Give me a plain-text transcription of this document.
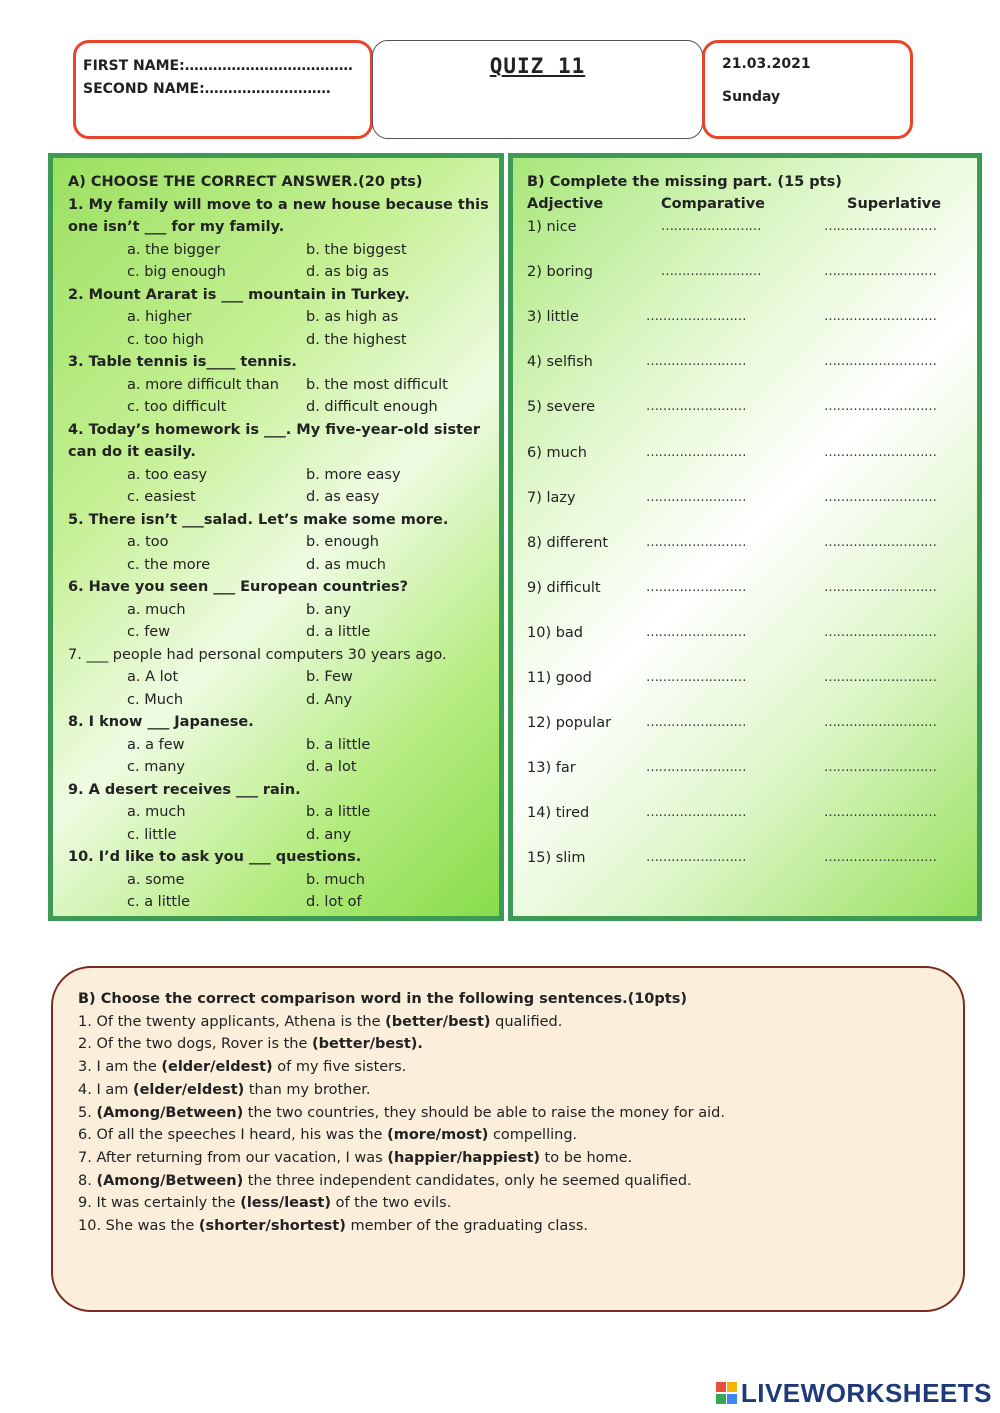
FIRST NAME:………………………………
SECOND NAME:………………………
QUIZ 11	21.03.2021
Sunday
A) CHOOSE THE CORRECT ANSWER.(20 pts)
1. My family will move to a new house because this
one isn’t ___ for my family.
a. the bigger	b. the biggest
c. big enough	d. as big as
2. Mount Ararat is ___ mountain in Turkey.
a. higher	b. as high as
c. too high	d. the highest
3. Table tennis is____ tennis.
a. more difficult than b. the most difficult
c. too difficult	d. difficult enough
4. Today’s homework is ___. My five-year-old sister
can do it easily.
a. too easy	b. more easy
c. easiest	d. as easy
5. There isn’t ___salad. Let’s make some more.
a. too	b. enough
c. the more	d. as much
6. Have you seen ___ European countries?
a. much	b. any
c. few	d. a little
7. ___ people had personal computers 30 years ago.
a. A lot	b. Few
c. Much	d. Any
8. I know ___ Japanese.
a. a few	b. a little
c. many	d. a lot
9. A desert receives ___ rain.
a. much	b. a little
c. little	d. any
10. I’d like to ask you ___ questions.
a. some	b. much
c. a little	d. lot of
B) Complete the missing part. (15 pts)
Adjective	Comparative	Superlative
1) nice	……………………	………………………
2) boring	……………………	………………………
3) little	……………………	………………………
4) selfish	……………………	………………………
5) severe	……………………	………………………
6) much	……………………	………………………
7) lazy	……………………	………………………
8) different	……………………	………………………
9) difficult	……………………	………………………
10) bad	……………………	………………………
11) good	……………………	………………………
12) popular	……………………	………………………
13) far	……………………	………………………
14) tired	……………………	………………………
15) slim	……………………	………………………
B) Choose the correct comparison word in the following sentences.(10pts)
1. Of the twenty applicants, Athena is the (better/best) qualified.
2. Of the two dogs, Rover is the (better/best).
3. I am the (elder/eldest) of my five sisters.
4. I am (elder/eldest) than my brother.
5. (Among/Between) the two countries, they should be able to raise the money for aid.
6. Of all the speeches I heard, his was the (more/most) compelling.
7. After returning from our vacation, I was (happier/happiest) to be home.
8. (Among/Between) the three independent candidates, only he seemed qualified.
9. It was certainly the (less/least) of the two evils.
10. She was the (shorter/shortest) member of the graduating class.
LIVEWORKSHEETS
